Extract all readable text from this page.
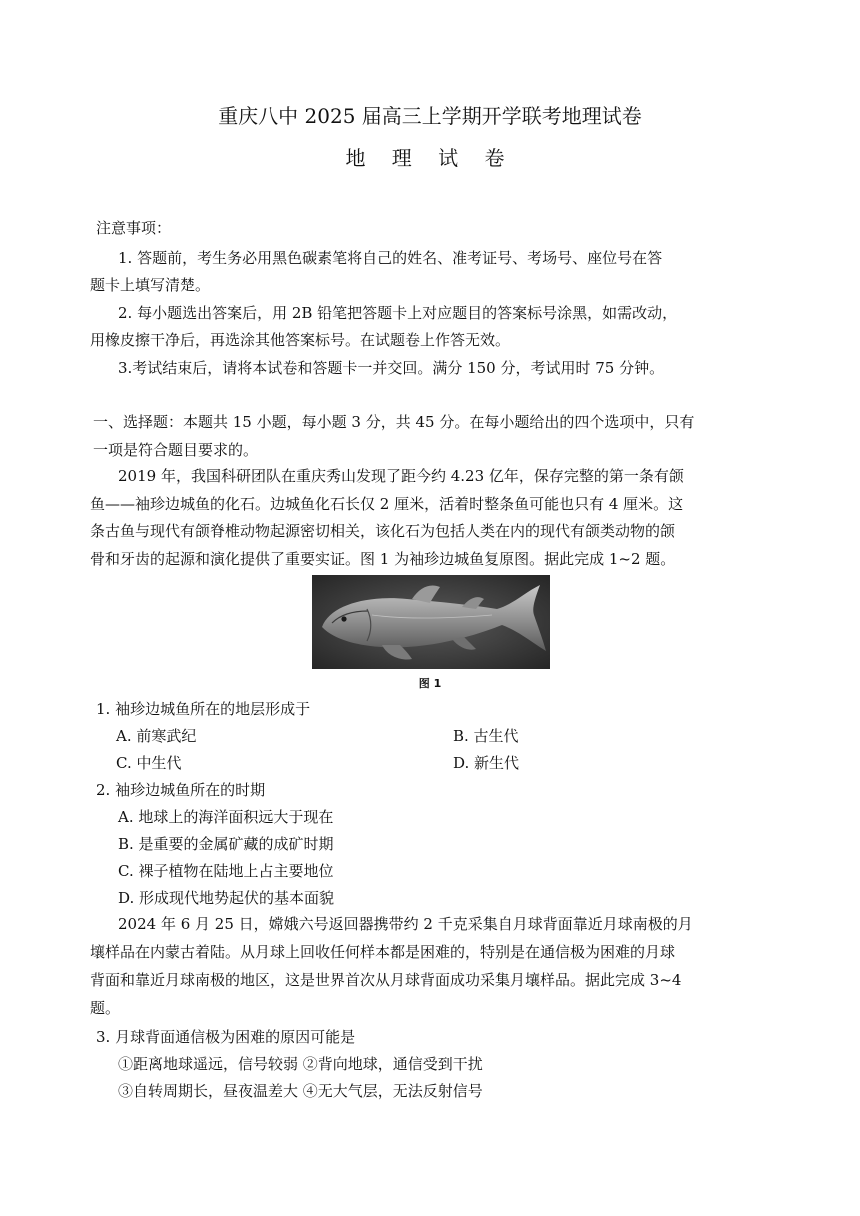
重庆八中 2025 届高三上学期开学联考地理试卷
地 理 试 卷
注意事项：
1. 答题前，考生务必用黑色碳素笔将自己的姓名、准考证号、考场号、座位号在答
题卡上填写清楚。
2. 每小题选出答案后，用 2B 铅笔把答题卡上对应题目的答案标号涂黑，如需改动，
用橡皮擦干净后，再选涂其他答案标号。在试题卷上作答无效。
3.考试结束后，请将本试卷和答题卡一并交回。满分 150 分，考试用时 75 分钟。
一、选择题：本题共 15 小题，每小题 3 分，共 45 分。在每小题给出的四个选项中，只有
一项是符合题目要求的。
2019 年，我国科研团队在重庆秀山发现了距今约 4.23 亿年，保存完整的第一条有颌
鱼——袖珍边城鱼的化石。边城鱼化石长仅 2 厘米，活着时整条鱼可能也只有 4 厘米。这
条古鱼与现代有颌脊椎动物起源密切相关，该化石为包括人类在内的现代有颌类动物的颌
骨和牙齿的起源和演化提供了重要实证。图 1 为袖珍边城鱼复原图。据此完成 1~2 题。
图 1
1. 袖珍边城鱼所在的地层形成于
A. 前寒武纪	B. 古生代
C. 中生代	D. 新生代
2. 袖珍边城鱼所在的时期
A. 地球上的海洋面积远大于现在
B. 是重要的金属矿藏的成矿时期
C. 裸子植物在陆地上占主要地位
D. 形成现代地势起伏的基本面貌
2024 年 6 月 25 日，嫦娥六号返回器携带约 2 千克采集自月球背面靠近月球南极的月
壤样品在内蒙古着陆。从月球上回收任何样本都是困难的，特别是在通信极为困难的月球
背面和靠近月球南极的地区，这是世界首次从月球背面成功采集月壤样品。据此完成 3~4
题。
3. 月球背面通信极为困难的原因可能是
①距离地球遥远，信号较弱 ②背向地球，通信受到干扰
③自转周期长，昼夜温差大 ④无大气层，无法反射信号
